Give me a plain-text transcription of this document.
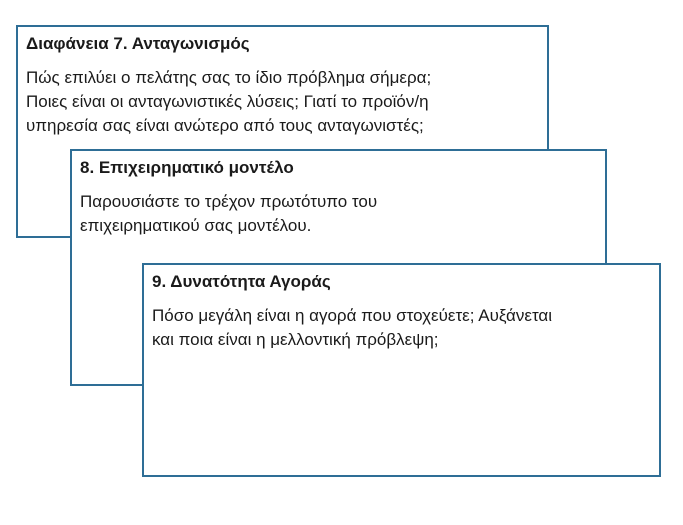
Διαφάνεια 7. Ανταγωνισμός

Πώς επιλύει ο πελάτης σας το ίδιο πρόβλημα σήμερα;
Ποιες είναι οι ανταγωνιστικές λύσεις; Γιατί το προϊόν/η
υπηρεσία σας είναι ανώτερο από τους ανταγωνιστές;

8. Επιχειρηματικό μοντέλο

Παρουσιάστε το τρέχον πρωτότυπο του
επιχειρηματικού σας μοντέλου.

9. Δυνατότητα Αγοράς

Πόσο μεγάλη είναι η αγορά που στοχεύετε; Αυξάνεται
και ποια είναι η μελλοντική πρόβλεψη;
